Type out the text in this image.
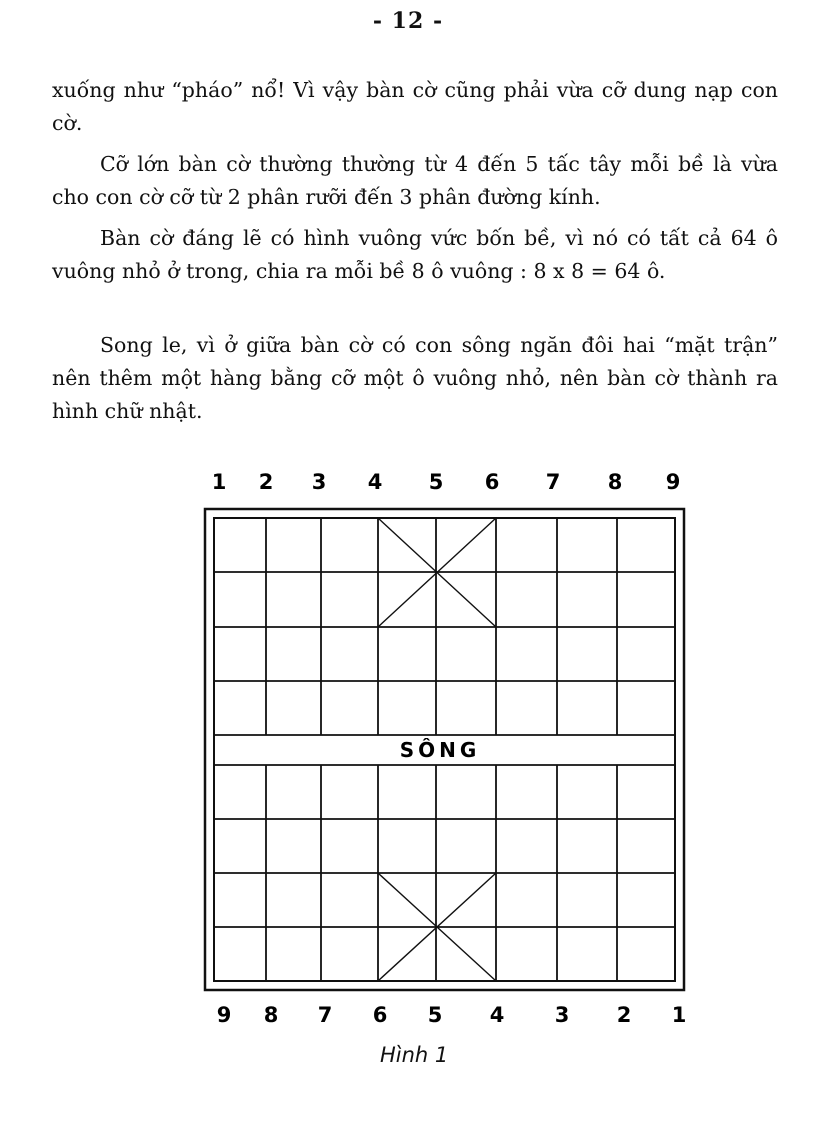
- 12 -

xuống như “pháo” nổ! Vì vậy bàn cờ cũng phải vừa cỡ dung nạp con cờ.

Cỡ lớn bàn cờ thường thường từ 4 đến 5 tấc tây mỗi bề là vừa cho con cờ cỡ từ 2 phân rưỡi đến 3 phân đường kính.

Bàn cờ đáng lẽ có hình vuông vức bốn bề, vì nó có tất cả 64 ô vuông nhỏ ở trong, chia ra mỗi bề 8 ô vuông : 8 x 8 = 64 ô.

Song le, vì ở giữa bàn cờ có con sông ngăn đôi hai “mặt trận” nên thêm một hàng bằng cỡ một ô vuông nhỏ, nên bàn cờ thành ra hình chữ nhật.

SÔNG
1 2 3 4 5 6 7 8 9
9 8 7 6 5 4 3 2 1
Hình 1
